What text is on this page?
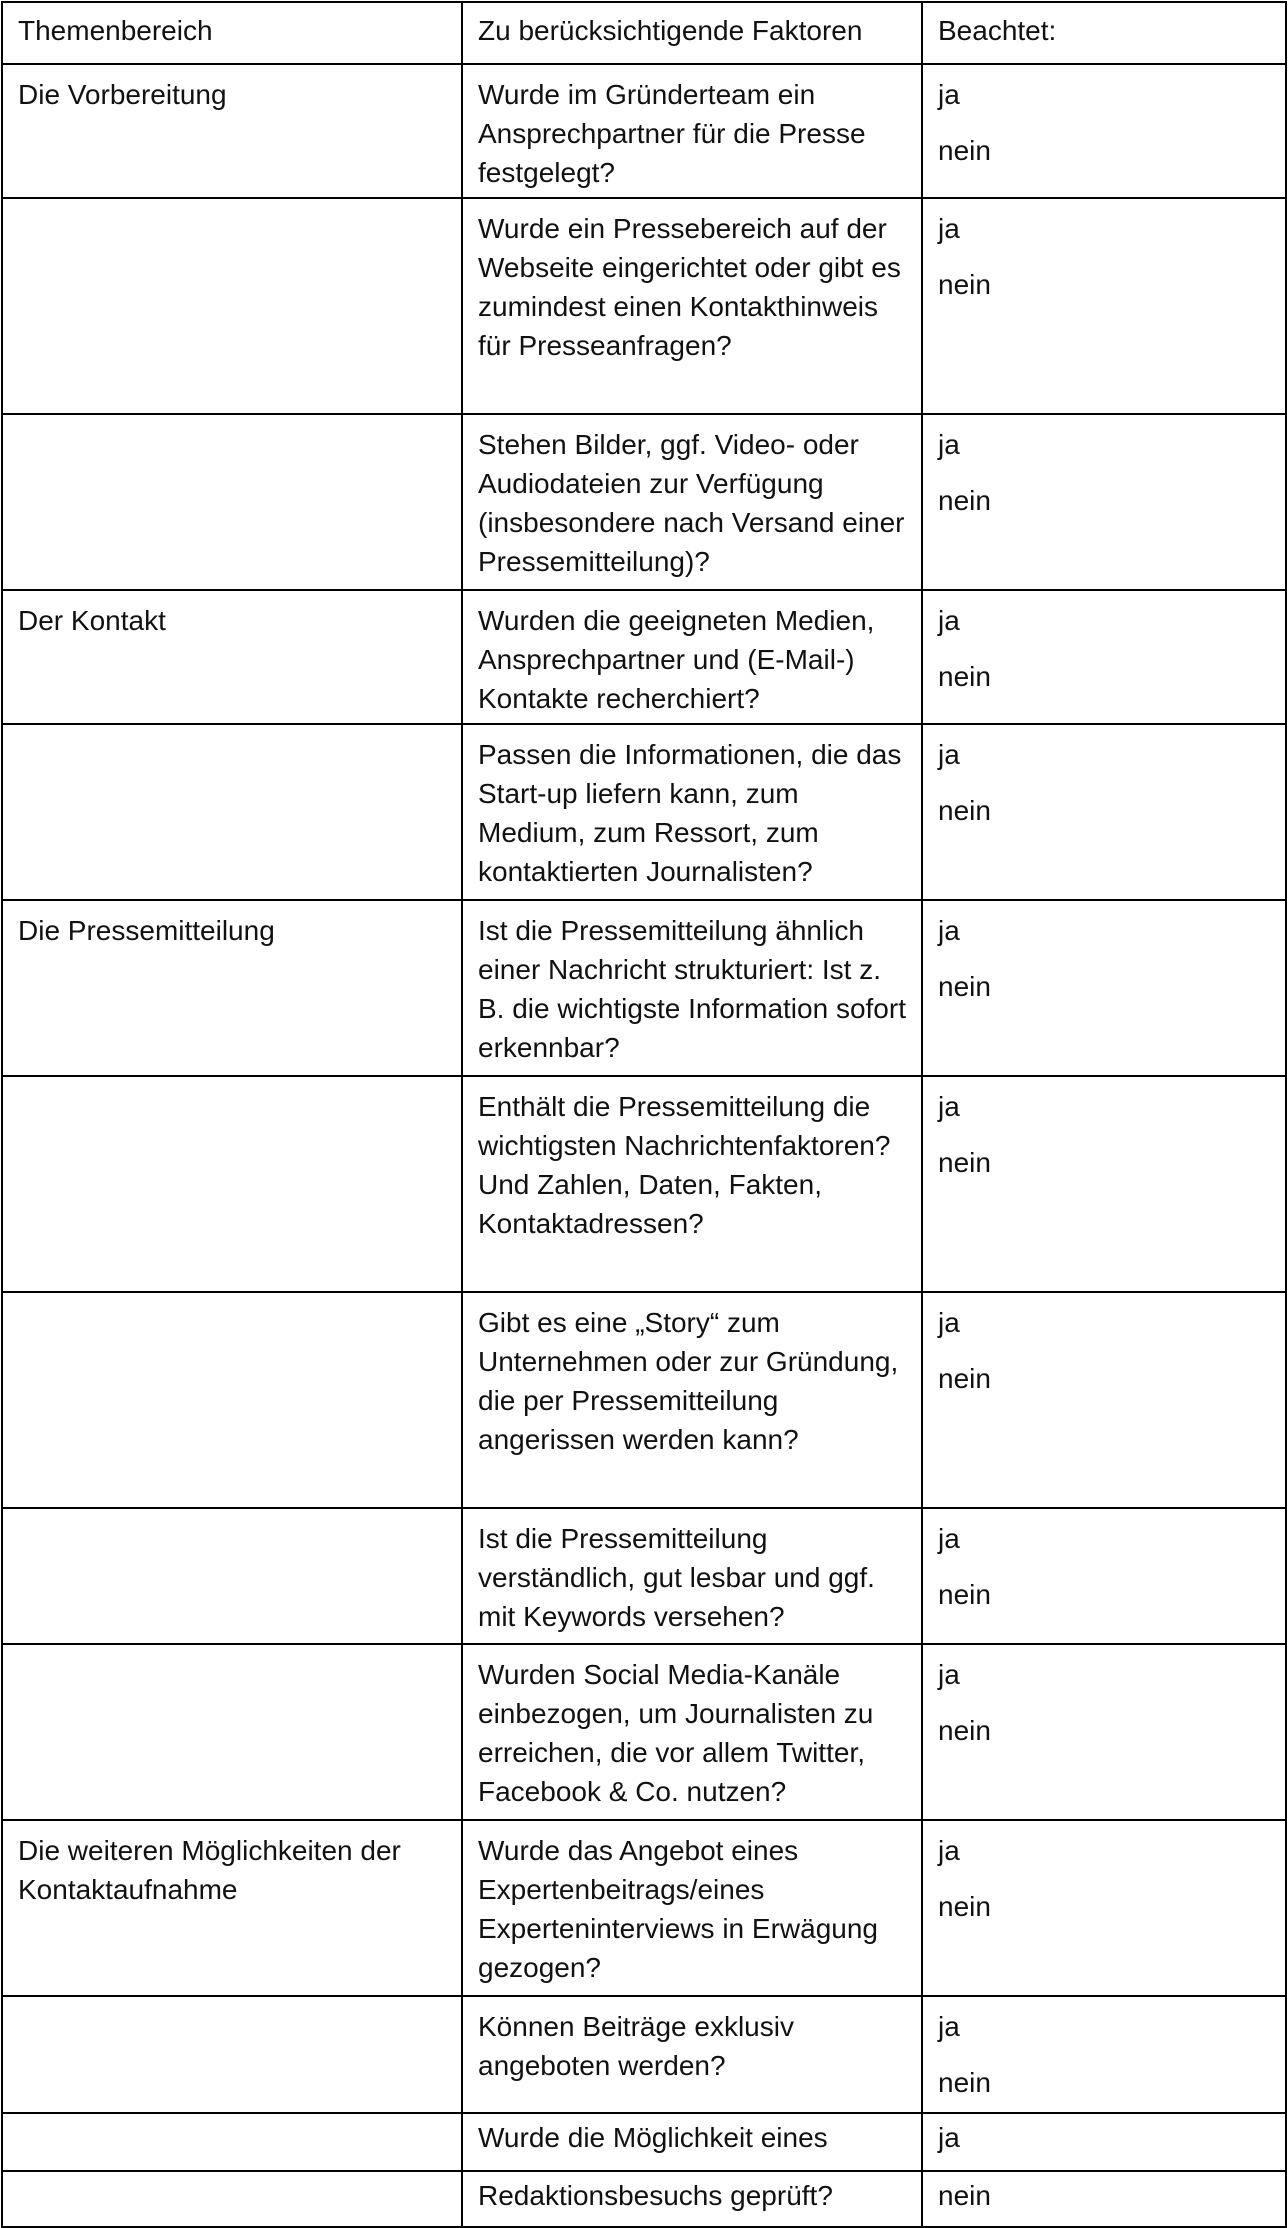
Themenbereich	Zu berücksichtigende Faktoren	Beachtet:
Die Vorbereitung	Wurde im Gründerteam ein Ansprechpartner für die Presse festgelegt?	ja
nein

	Wurde ein Pressebereich auf der Webseite eingerichtet oder gibt es zumindest einen Kontakthinweis für Presseanfragen?	ja
nein

	Stehen Bilder, ggf. Video- oder Audiodateien zur Verfügung (insbesondere nach Versand einer Pressemitteilung)?	ja
nein

Der Kontakt	Wurden die geeigneten Medien, Ansprechpartner und (E-Mail-) Kontakte recherchiert?	ja
nein

	Passen die Informationen, die das Start-up liefern kann, zum Medium, zum Ressort, zum kontaktierten Journalisten?	ja
nein

Die Pressemitteilung	Ist die Pressemitteilung ähnlich einer Nachricht strukturiert: Ist z. B. die wichtigste Information sofort erkennbar?	ja
nein

	Enthält die Pressemitteilung die wichtigsten Nachrichtenfaktoren? Und Zahlen, Daten, Fakten, Kontaktadressen?	ja
nein

	Gibt es eine „Story“ zum Unternehmen oder zur Gründung, die per Pressemitteilung angerissen werden kann?	ja
nein

	Ist die Pressemitteilung verständlich, gut lesbar und ggf. mit Keywords versehen?	ja
nein

	Wurden Social Media-Kanäle einbezogen, um Journalisten zu erreichen, die vor allem Twitter, Facebook & Co. nutzen?	ja
nein

Die weiteren Möglichkeiten der Kontaktaufnahme	Wurde das Angebot eines Expertenbeitrags/eines Experteninterviews in Erwägung gezogen?	ja
nein

	Können Beiträge exklusiv angeboten werden?	ja
nein

	Wurde die Möglichkeit eines	ja
	Redaktionsbesuchs geprüft?	nein
